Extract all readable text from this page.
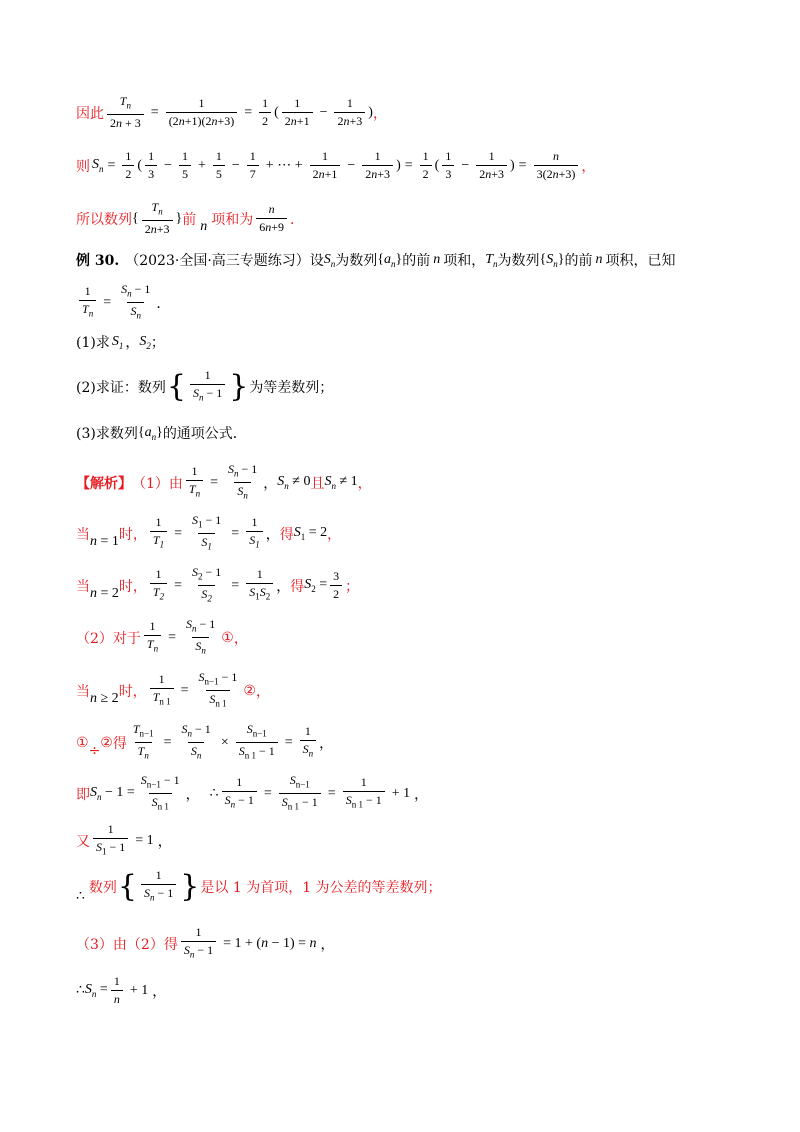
因此 $\frac{T_n}{2n + 3} = \frac{1}{(2n+1)(2n+3)} = \frac{1}{2}$ ( $\frac{1}{2n+1} - \frac{1}{2n+3}$ ) ，
则 $S_n = \frac{1}{2}$ ( $\frac{1}{3} - \frac{1}{5} + \frac{1}{5} - \frac{1}{7}$ + ⋯ + $\frac{1}{2n+1} - \frac{1}{2n+3}$ ) = $\frac{1}{2}$ ( $\frac{1}{3} - \frac{1}{2n+3}$ ) = $\frac{n}{3(2n+3)}$ ，
所以数列 { $\frac{T_n}{2n+3}$ } 前 n 项和为 $\frac{n}{6n+9}$ ．
例 30. （2023·全国·高三专题练习）设 $S_n$ 为数列 $\{a_n\}$ 的前 n 项和， $T_n$ 为数列 $\{S_n\}$ 的前 n 项积，已知
$\frac{1}{T_n} = \frac{S_n - 1}{S_n}$ ．
(1)求 $S_1$ ， $S_2$ ；
(2)求证：数列 { $\frac{1}{S_n - 1}$ } 为等差数列；
(3)求数列 $\{a_n\}$ 的通项公式．
【解析】 （1）由 $\frac{1}{T_n} = \frac{S_n - 1}{S_n}$ ， $S_n \ne 0$ 且 $S_n \ne 1$ ，
当 n = 1 时， $\frac{1}{T_1} = \frac{S_1 - 1}{S_1} = \frac{1}{S_1}$ ， 得 $S_1 = 2$ ，
当 n = 2 时， $\frac{1}{T_2} = \frac{S_2 - 1}{S_2} = \frac{1}{S_1S_2}$ ， 得 $S_2 = \frac{3}{2}$ ；
（2）对于 $\frac{1}{T_n} = \frac{S_n - 1}{S_n}$ ① ，
当 n ≥ 2 时， $\frac{1}{T_{n 1}} = \frac{S_{n-1} - 1}{S_{n 1}}$ ② ，
① ÷ ② 得 $\frac{T_{n-1}}{T_n} = \frac{S_n - 1}{S_n} \times \frac{S_{n-1}}{S_{n 1} - 1} = \frac{1}{S_n}$ ，
即 $S_n - 1 = \frac{S_{n-1} - 1}{S_{n 1}}$ ， ∴ $\frac{1}{S_n - 1} = \frac{S_{n-1}}{S_{n 1} - 1} = \frac{1}{S_{n 1} - 1} + 1$ ，
又 $\frac{1}{S_1 - 1} = 1$ ，
∴
数列 { $\frac{1}{S_n - 1}$ } 是以 1 为首项，1 为公差的等差数列；
（3）由（2）得 $\frac{1}{S_n - 1} = 1 + (n - 1) = n$ ，
∴ $S_n = \frac{1}{n} + 1$ ，
